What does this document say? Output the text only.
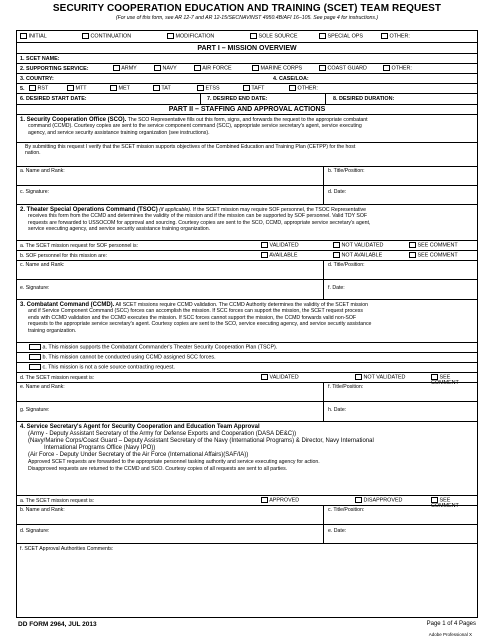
SECURITY COOPERATION EDUCATION AND TRAINING (SCET) TEAM REQUEST
(For use of this form, see AR 12-7 and AR 12-15/SECNAVINST 4950.4B/AFI 16–105. See page 4 for instructions.)
INITIAL	CONTINUATION	MODIFICATION	SOLE SOURCE	SPECIAL OPS	OTHER:
PART I – MISSION OVERVIEW
1. SCET NAME:
2. SUPPORTING SERVICE:	ARMY	NAVY	AIR FORCE	MARINE CORPS	COAST GUARD	OTHER:
3. COUNTRY:	4. CASE/LOA:
5.	RST	MTT	MET	TAT	ETSS	TAFT	OTHER:
6. DESIRED START DATE:	7. DESIRED END DATE:	8. DESIRED DURATION:
PART II – STAFFING AND APPROVAL ACTIONS
1. Security Cooperation Office (SCO). The SCO Representative fills out this form, signs, and forwards the request to the appropriate combatant
command (CCMD). Courtesy copies are sent to the service component command (SCC), appropriate service secretary's agent, service executing
agency, and service security assistance training organization (see instructions).
By submitting this request I verify that the SCET mission supports objectives of the Combined Education and Training Plan (CETPP) for the host
nation.
a. Name and Rank:	b. Title/Position:
c. Signature:	d. Date:
2. Theater Special Operations Command (TSOC) (if applicable). If the SCET mission may require SOF personnel, the TSOC Representative
receives this form from the CCMD and determines the validity of the mission and if the mission can be supported by SOF personnel. Valid TDY SOF
requests are forwarded to USSOCOM for approval and sourcing. Courtesy copies are sent to the SCO, CCMD, appropriate service secretary's agent,
service executing agency, and service security assistance training organization.
a. The SCET mission request for SOF personnel is:	VALIDATED	NOT VALIDATED	SEE COMMENT
b. SOF personnel for this mission are:	AVAILABLE	NOT AVAILABLE	SEE COMMENT
c. Name and Rank:	d. Title/Position:
e. Signature:	f. Date:
3. Combatant Command (CCMD). All SCET missions require CCMD validation. The CCMD Authority determines the validity of the SCET mission
and if Service Component Command (SCC) forces can accomplish the mission. If SCC forces can support the mission, the SCET request process
ends with CCMD validation and the CCMD executes the mission. If SCC forces cannot support the mission, the CCMD forwards valid non-SOF
requests to the appropriate service secretary's agent. Courtesy copies are sent to the SCO, service executing agency, and service security assistance
training organization.
a. This mission supports the Combatant Commander's Theater Security Cooperation Plan (TSCP).
b. This mission cannot be conducted using CCMD assigned SCC forces.
c. This mission is not a sole source contracting request.
d. The SCET mission request is:	VALIDATED	NOT VALIDATED	SEE COMMENT
e. Name and Rank:	f. Title/Position:
g. Signature:	h. Date:
4. Service Secretary's Agent for Security Cooperation and Education Team Approval
(Army - Deputy Assistant Secretary of the Army for Defense Exports and Cooperation (DASA DE&C))
(Navy/Marine Corps/Coast Guard – Deputy Assistant Secretary of the Navy (International Programs) & Director, Navy International
International Programs Office (Navy IPO))
(Air Force - Deputy Under Secretary of the Air Force (International Affairs)(SAF/IA))
Approved SCET requests are forwarded to the appropriate personnel tasking authority and service executing agency for action.
Disapproved requests are returned to the CCMD and SCO. Courtesy copies of all requests are sent to all parties.
a. The SCET mission request is:	APPROVED	DISAPPROVED	SEE COMMENT
b. Name and Rank:	c. Title/Position:
d. Signature:	e. Date:
f. SCET Approval Authorities Comments:
DD FORM 2964, JUL 2013	Page 1 of 4 Pages
Adobe Professional X
